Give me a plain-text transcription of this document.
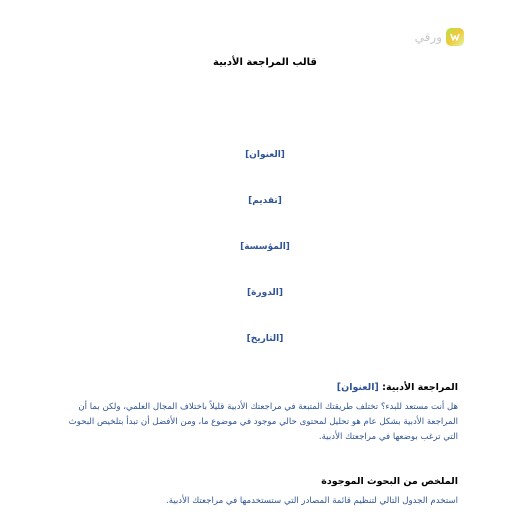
ورقي
قالب المراجعة الأدبية
[العنوان]
[تقديم]
[المؤسسة]
[الدورة]
[التاريخ]
المراجعة الأدبية: [العنوان]
هل أنت مستعد للبدء؟ تختلف طريقتك المتبعة في مراجعتك الأدبية قليلاً باختلاف المجال العلمي، ولكن بما أن المراجعة الأدبية بشكل عام هو تحليل لمحتوى حالي موجود في موضوع ما، ومن الأفضل أن تبدأ بتلخيص البحوث التي ترغب بوضعها في مراجعتك الأدبية.
الملخص من البحوث الموجودة
استخدم الجدول التالي لتنظيم قائمة المصادر التي ستستخدمها في مراجعتك الأدبية.
